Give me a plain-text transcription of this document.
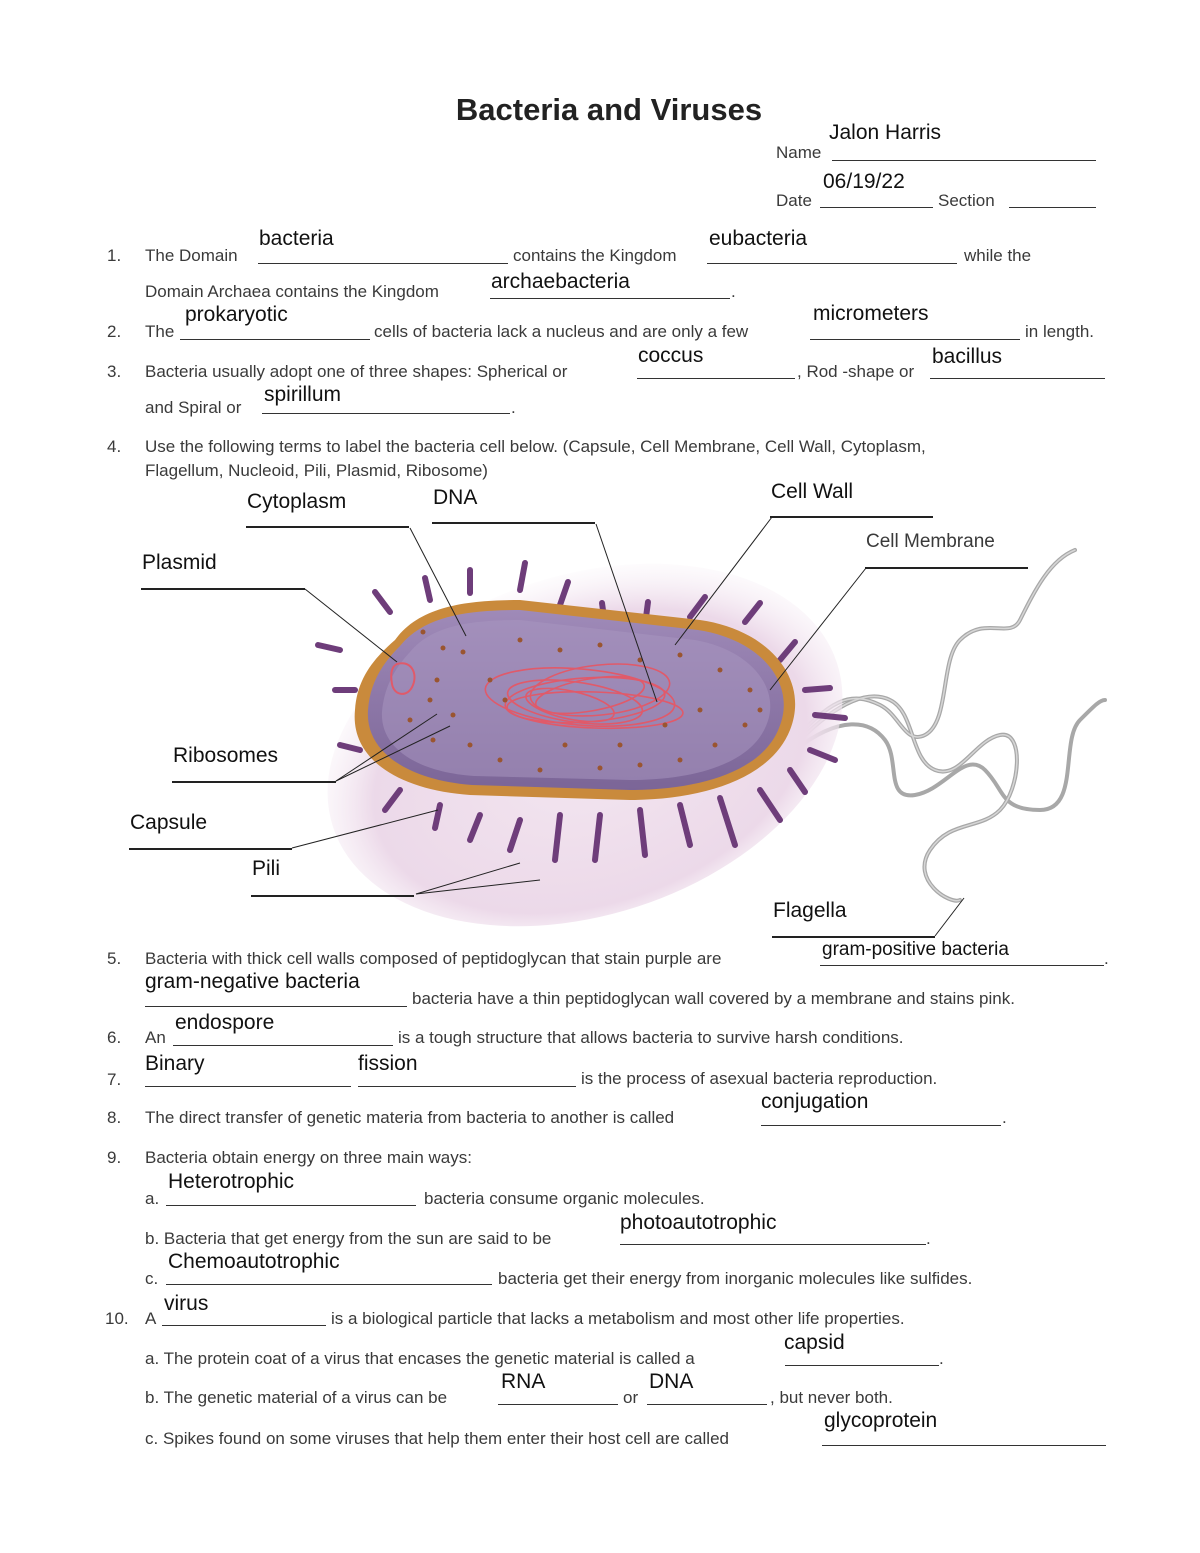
Bacteria and Viruses
Jalon Harris
Name
06/19/22
Date	Section
1. The Domain
bacteria
contains the Kingdom
eubacteria
while the
Domain Archaea contains the Kingdom archaebacteria	.
2. The
prokaryotic
cells of bacteria lack a nucleus and are only a few
micrometers
in length.
3. Bacteria usually adopt one of three shapes: Spherical or
coccus
, Rod -shape or
bacillus
and Spiral or
spirillum
.
4. Use the following terms to label the bacteria cell below. (Capsule, Cell Membrane, Cell Wall, Cytoplasm,
Flagellum, Nucleoid, Pili, Plasmid, Ribosome)
Cytoplasm	DNA	Cell Wall
Cell Membrane
Plasmid
Ribosomes
Capsule
Pili
Flagella
5. Bacteria with thick cell walls composed of peptidoglycan that stain purple are	gram-positive bacteria	.
gram-negative bacteria
bacteria have a thin peptidoglycan wall covered by a membrane and stains pink.
6. An
endospore
is a tough structure that allows bacteria to survive harsh conditions.
7.
Binary	fission
is the process of asexual bacteria reproduction.
8. The direct transfer of genetic materia from bacteria to another is called
conjugation
.
9. Bacteria obtain energy on three main ways:
a.
Heterotrophic
bacteria consume organic molecules.
b. Bacteria that get energy from the sun are said to be
photoautotrophic
.
c.
Chemoautotrophic
bacteria get their energy from inorganic molecules like sulfides.
10. A
virus
is a biological particle that lacks a metabolism and most other life properties.
a. The protein coat of a virus that encases the genetic material is called a
capsid
.
b. The genetic material of a virus can be
RNA
or
DNA
, but never both.
c. Spikes found on some viruses that help them enter their host cell are called
glycoprotein
